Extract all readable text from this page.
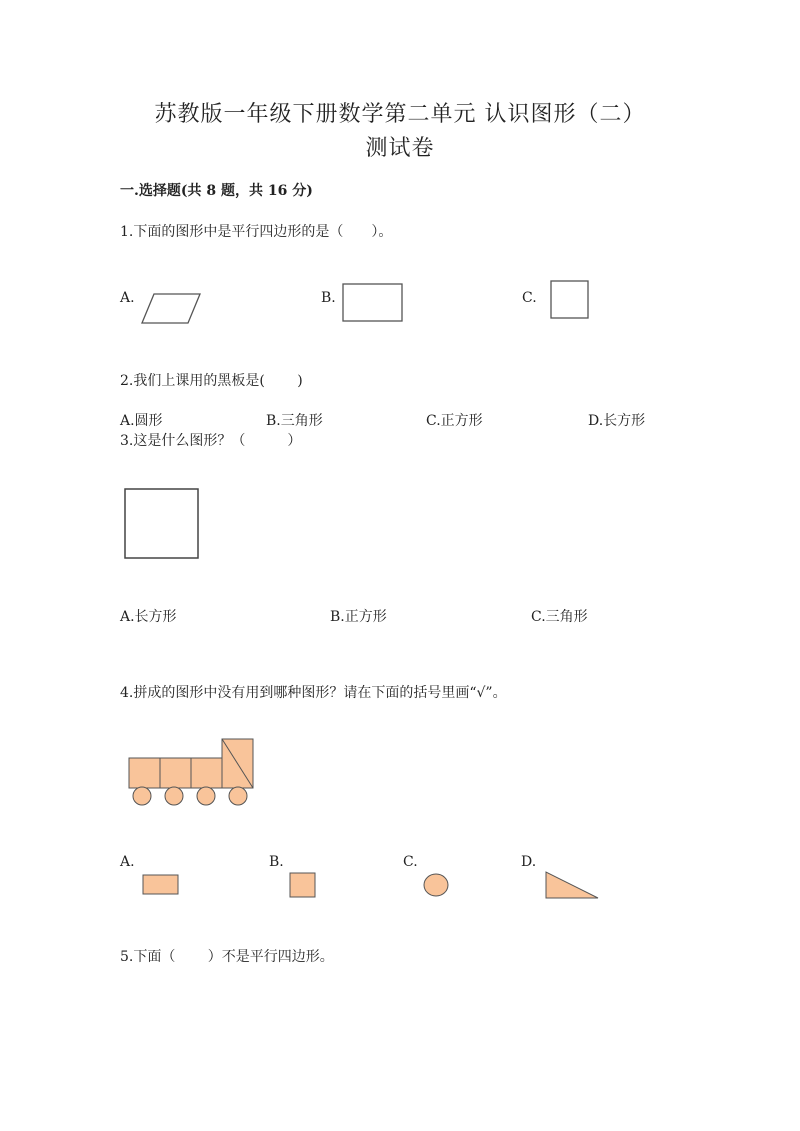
苏教版一年级下册数学第二单元 认识图形（二）
测试卷
一.选择题(共 8 题，共 16 分)
1.下面的图形中是平行四边形的是（　　）。
A.	B.	C.
2.我们上课用的黑板是(　　 )
A.圆形	B.三角形	C.正方形	D.长方形
3.这是什么图形？（　　　）
A.长方形	B.正方形	C.三角形
4.拼成的图形中没有用到哪种图形？请在下面的括号里画“√”。
A.	B.	C.	D.
5.下面（　　 ）不是平行四边形。
